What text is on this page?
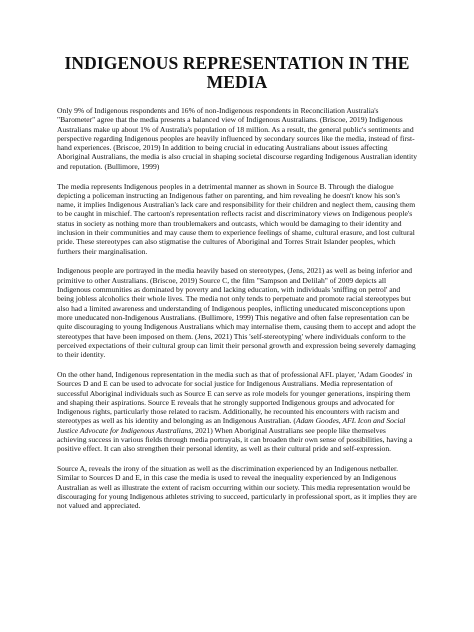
INDIGENOUS REPRESENTATION IN THE MEDIA

Only 9% of Indigenous respondents and 16% of non-Indigenous respondents in Reconciliation Australia's "Barometer" agree that the media presents a balanced view of Indigenous Australians. (Briscoe, 2019) Indigenous Australians make up about 1% of Australia's population of 18 million. As a result, the general public's sentiments and perspective regarding Indigenous peoples are heavily influenced by secondary sources like the media, instead of first-hand experiences. (Briscoe, 2019) In addition to being crucial in educating Australians about issues affecting Aboriginal Australians, the media is also crucial in shaping societal discourse regarding Indigenous Australian identity and reputation. (Bullimore, 1999)

The media represents Indigenous peoples in a detrimental manner as shown in Source B. Through the dialogue depicting a policeman instructing an Indigenous father on parenting, and him revealing he doesn't know his son's name, it implies Indigenous Australian's lack care and responsibility for their children and neglect them, causing them to be caught in mischief. The cartoon's representation reflects racist and discriminatory views on Indigenous people's status in society as nothing more than troublemakers and outcasts, which would be damaging to their identity and inclusion in their communities and may cause them to experience feelings of shame, cultural erasure, and lost cultural pride. These stereotypes can also stigmatise the cultures of Aboriginal and Torres Strait Islander peoples, which furthers their marginalisation.

Indigenous people are portrayed in the media heavily based on stereotypes, (Jens, 2021) as well as being inferior and primitive to other Australians. (Briscoe, 2019) Source C, the film "Sampson and Delilah" of 2009 depicts all Indigenous communities as dominated by poverty and lacking education, with individuals 'sniffing on petrol' and being jobless alcoholics their whole lives. The media not only tends to perpetuate and promote racial stereotypes but also had a limited awareness and understanding of Indigenous peoples, inflicting uneducated misconceptions upon more uneducated non-Indigenous Australians. (Bullimore, 1999) This negative and often false representation can be quite discouraging to young Indigenous Australians which may internalise them, causing them to accept and adopt the stereotypes that have been imposed on them. (Jens, 2021) This 'self-stereotyping' where individuals conform to the perceived expectations of their cultural group can limit their personal growth and expression being severely damaging to their identity.

On the other hand, Indigenous representation in the media such as that of professional AFL player, 'Adam Goodes' in Sources D and E can be used to advocate for social justice for Indigenous Australians. Media representation of successful Aboriginal individuals such as Source E can serve as role models for younger generations, inspiring them and shaping their aspirations. Source E reveals that he strongly supported Indigenous groups and advocated for Indigenous rights, particularly those related to racism. Additionally, he recounted his encounters with racism and stereotypes as well as his identity and belonging as an Indigenous Australian. (Adam Goodes, AFL Icon and Social Justice Advocate for Indigenous Australians, 2021) When Aboriginal Australians see people like themselves achieving success in various fields through media portrayals, it can broaden their own sense of possibilities, having a positive effect. It can also strengthen their personal identity, as well as their cultural pride and self-expression.

Source A, reveals the irony of the situation as well as the discrimination experienced by an Indigenous netballer. Similar to Sources D and E, in this case the media is used to reveal the inequality experienced by an Indigenous Australian as well as illustrate the extent of racism occurring within our society. This media representation would be discouraging for young Indigenous athletes striving to succeed, particularly in professional sport, as it implies they are not valued and appreciated.
